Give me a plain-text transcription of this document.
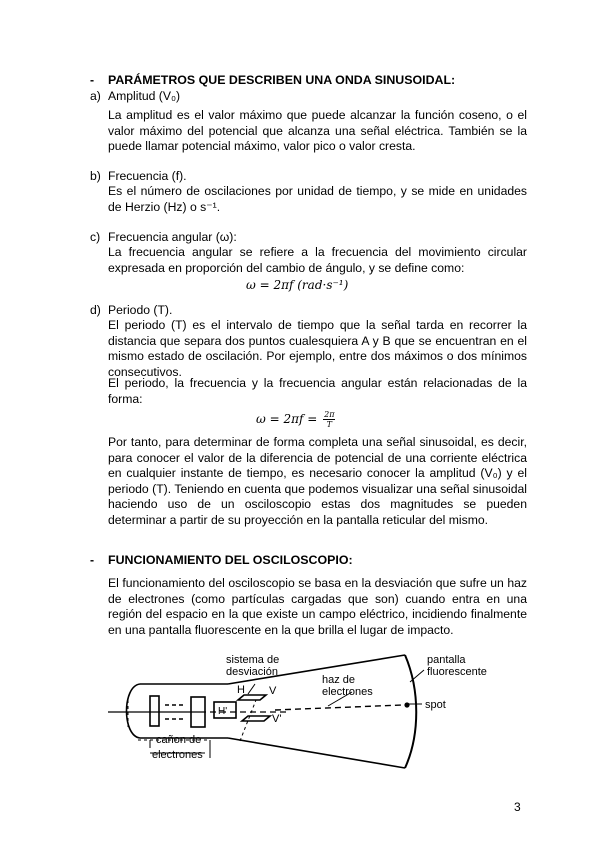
- PARÁMETROS QUE DESCRIBEN UNA ONDA SINUSOIDAL:
a) Amplitud (V₀)
La amplitud es el valor máximo que puede alcanzar la función coseno, o el valor máximo del potencial que alcanza una señal eléctrica. También se la puede llamar potencial máximo, valor pico o valor cresta.
b) Frecuencia (f).
Es el número de oscilaciones por unidad de tiempo, y se mide en unidades de Herzio (Hz) o s⁻¹.
c) Frecuencia angular (ω):
La frecuencia angular se refiere a la frecuencia del movimiento circular expresada en proporción del cambio de ángulo, y se define como:
ω = 2πf (rad·s⁻¹)
d) Periodo (T).
El periodo (T) es el intervalo de tiempo que la señal tarda en recorrer la distancia que separa dos puntos cualesquiera A y B que se encuentran en el mismo estado de oscilación. Por ejemplo, entre dos máximos o dos mínimos consecutivos.
El periodo, la frecuencia y la frecuencia angular están relacionadas de la forma:
$\omega = 2\pi f = \frac{2\pi}{T}$
Por tanto, para determinar de forma completa una señal sinusoidal, es decir, para conocer el valor de la diferencia de potencial de una corriente eléctrica en cualquier instante de tiempo, es necesario conocer la amplitud (V₀) y el periodo (T). Teniendo en cuenta que podemos visualizar una señal sinusoidal haciendo uso de un osciloscopio estas dos magnitudes se pueden determinar a partir de su proyección en la pantalla reticular del mismo.
- FUNCIONAMIENTO DEL OSCILOSCOPIO:
El funcionamiento del osciloscopio se basa en la desviación que sufre un haz de electrones (como partículas cargadas que son) cuando entra en una región del espacio en la que existe un campo eléctrico, incidiendo finalmente en una pantalla fluorescente en la que brilla el lugar de impacto.
sistema de
desviación
pantalla
fluorescente
haz de
electrones
spot
cañon de
electrones
H
H'
V
V'
3
